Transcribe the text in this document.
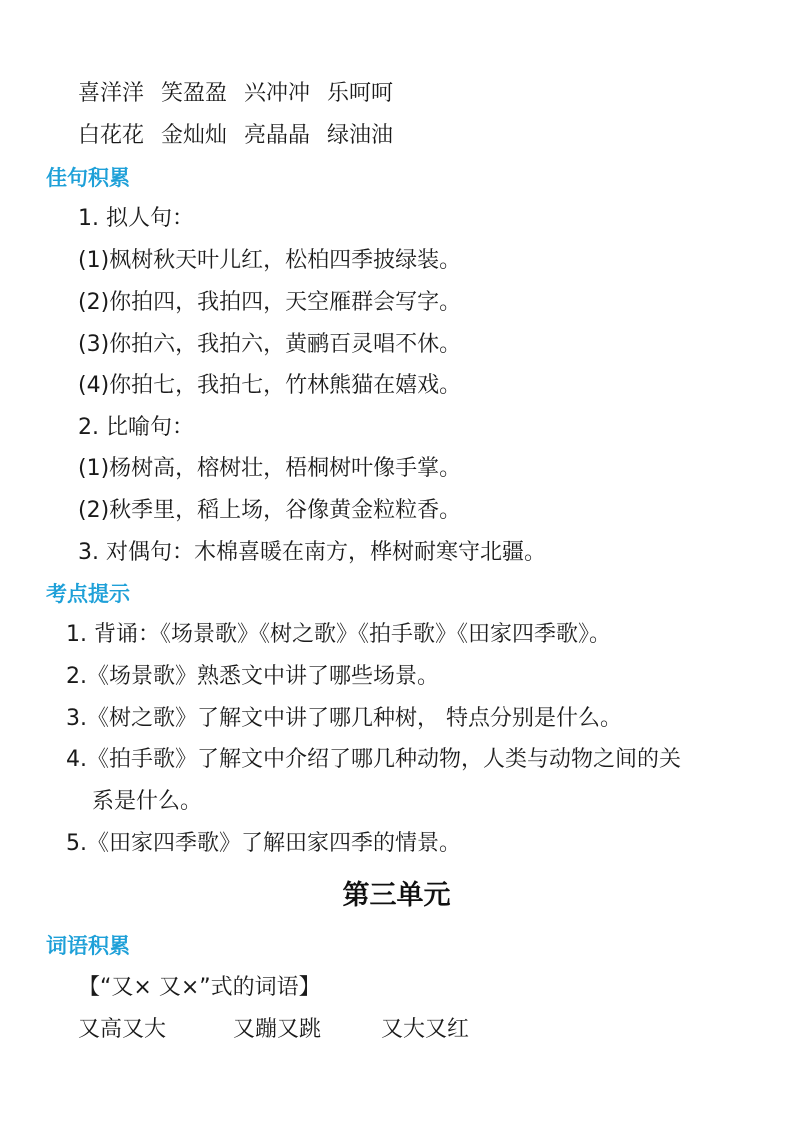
喜洋洋 笑盈盈 兴冲冲 乐呵呵
白花花 金灿灿 亮晶晶 绿油油
佳句积累
1. 拟人句：
(1)枫树秋天叶儿红，松柏四季披绿装。
(2)你拍四，我拍四，天空雁群会写字。
(3)你拍六，我拍六，黄鹂百灵唱不休。
(4)你拍七，我拍七，竹林熊猫在嬉戏。
2. 比喻句：
(1)杨树高，榕树壮，梧桐树叶像手掌。
(2)秋季里，稻上场，谷像黄金粒粒香。
3. 对偶句：木棉喜暖在南方，桦树耐寒守北疆。
考点提示
1. 背诵：《场景歌》《树之歌》《拍手歌》《田家四季歌》。
2.《场景歌》熟悉文中讲了哪些场景。
3.《树之歌》了解文中讲了哪几种树， 特点分别是什么。
4.《拍手歌》了解文中介绍了哪几种动物，人类与动物之间的关
系是什么。
5.《田家四季歌》了解田家四季的情景。
第三单元
词语积累
【“又× 又×”式的词语】
又高又大	又蹦又跳	又大又红
